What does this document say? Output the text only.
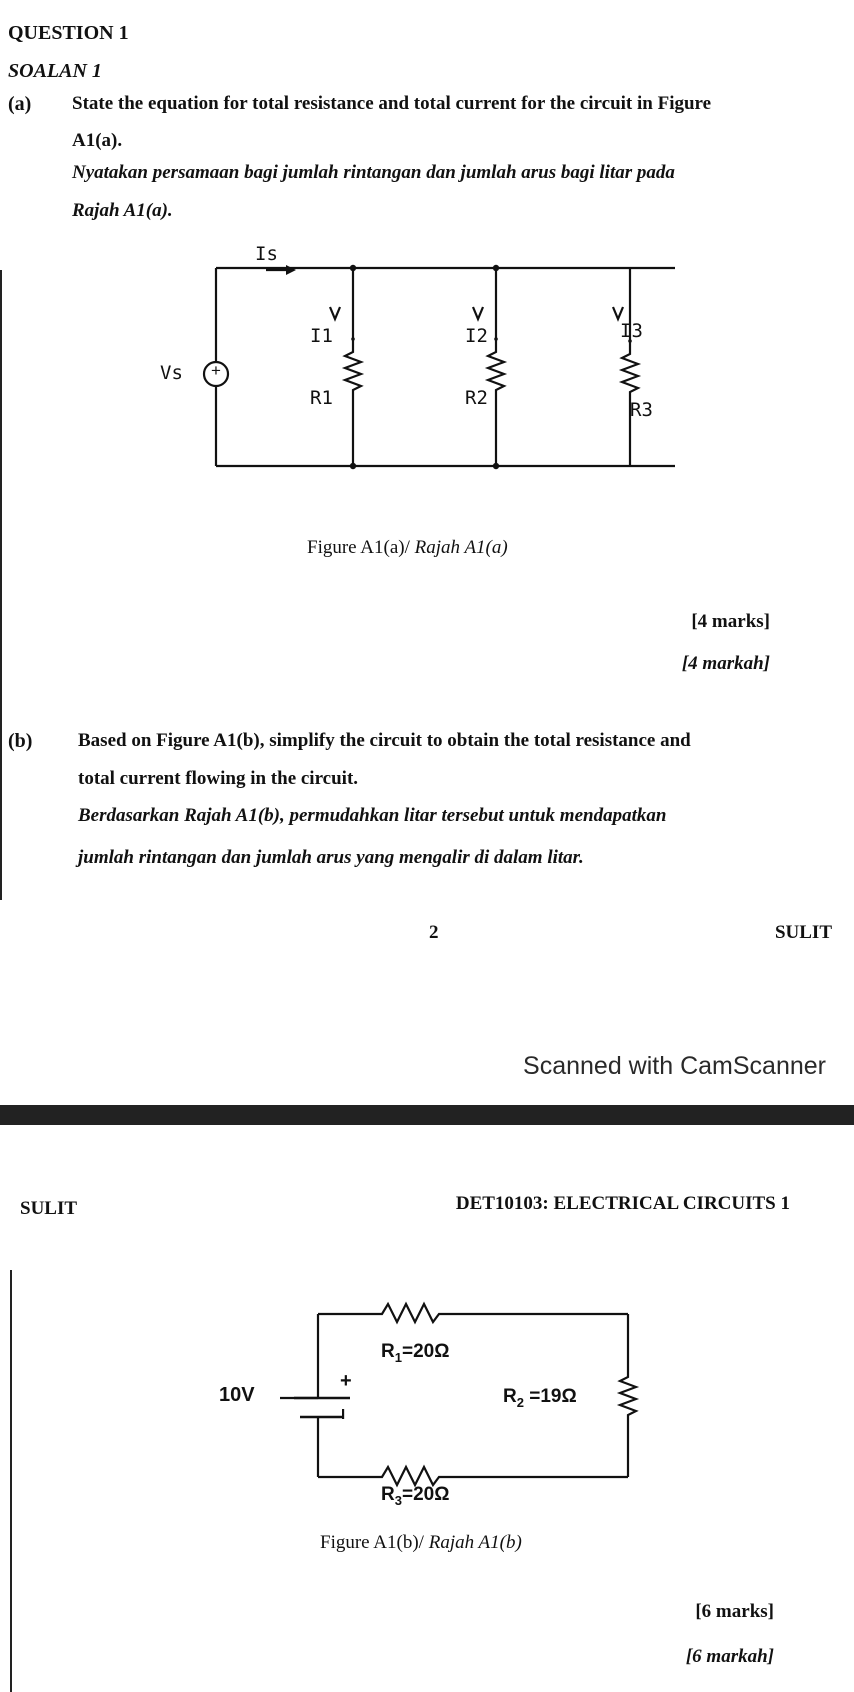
QUESTION 1
SOALAN 1
(a) State the equation for total resistance and total current for the circuit in Figure
A1(a).
Nyatakan persamaan bagi jumlah rintangan dan jumlah arus bagi litar pada
Rajah A1(a).
Is
Vs +
I1
R1
I2
R2
I3
R3
Figure A1(a)/ Rajah A1(a)
[4 marks]
[4 markah]
(b) Based on Figure A1(b), simplify the circuit to obtain the total resistance and
total current flowing in the circuit.
Berdasarkan Rajah A1(b), permudahkan litar tersebut untuk mendapatkan
jumlah rintangan dan jumlah arus yang mengalir di dalam litar.
2	SULIT
Scanned with CamScanner
SULIT	DET10103: ELECTRICAL CIRCUITS 1
10V
+
I
$R_1=20\Omega$
$R_2 =19\Omega$
$R_3=20\Omega$
Figure A1(b)/ Rajah A1(b)
[6 marks]
[6 markah]
